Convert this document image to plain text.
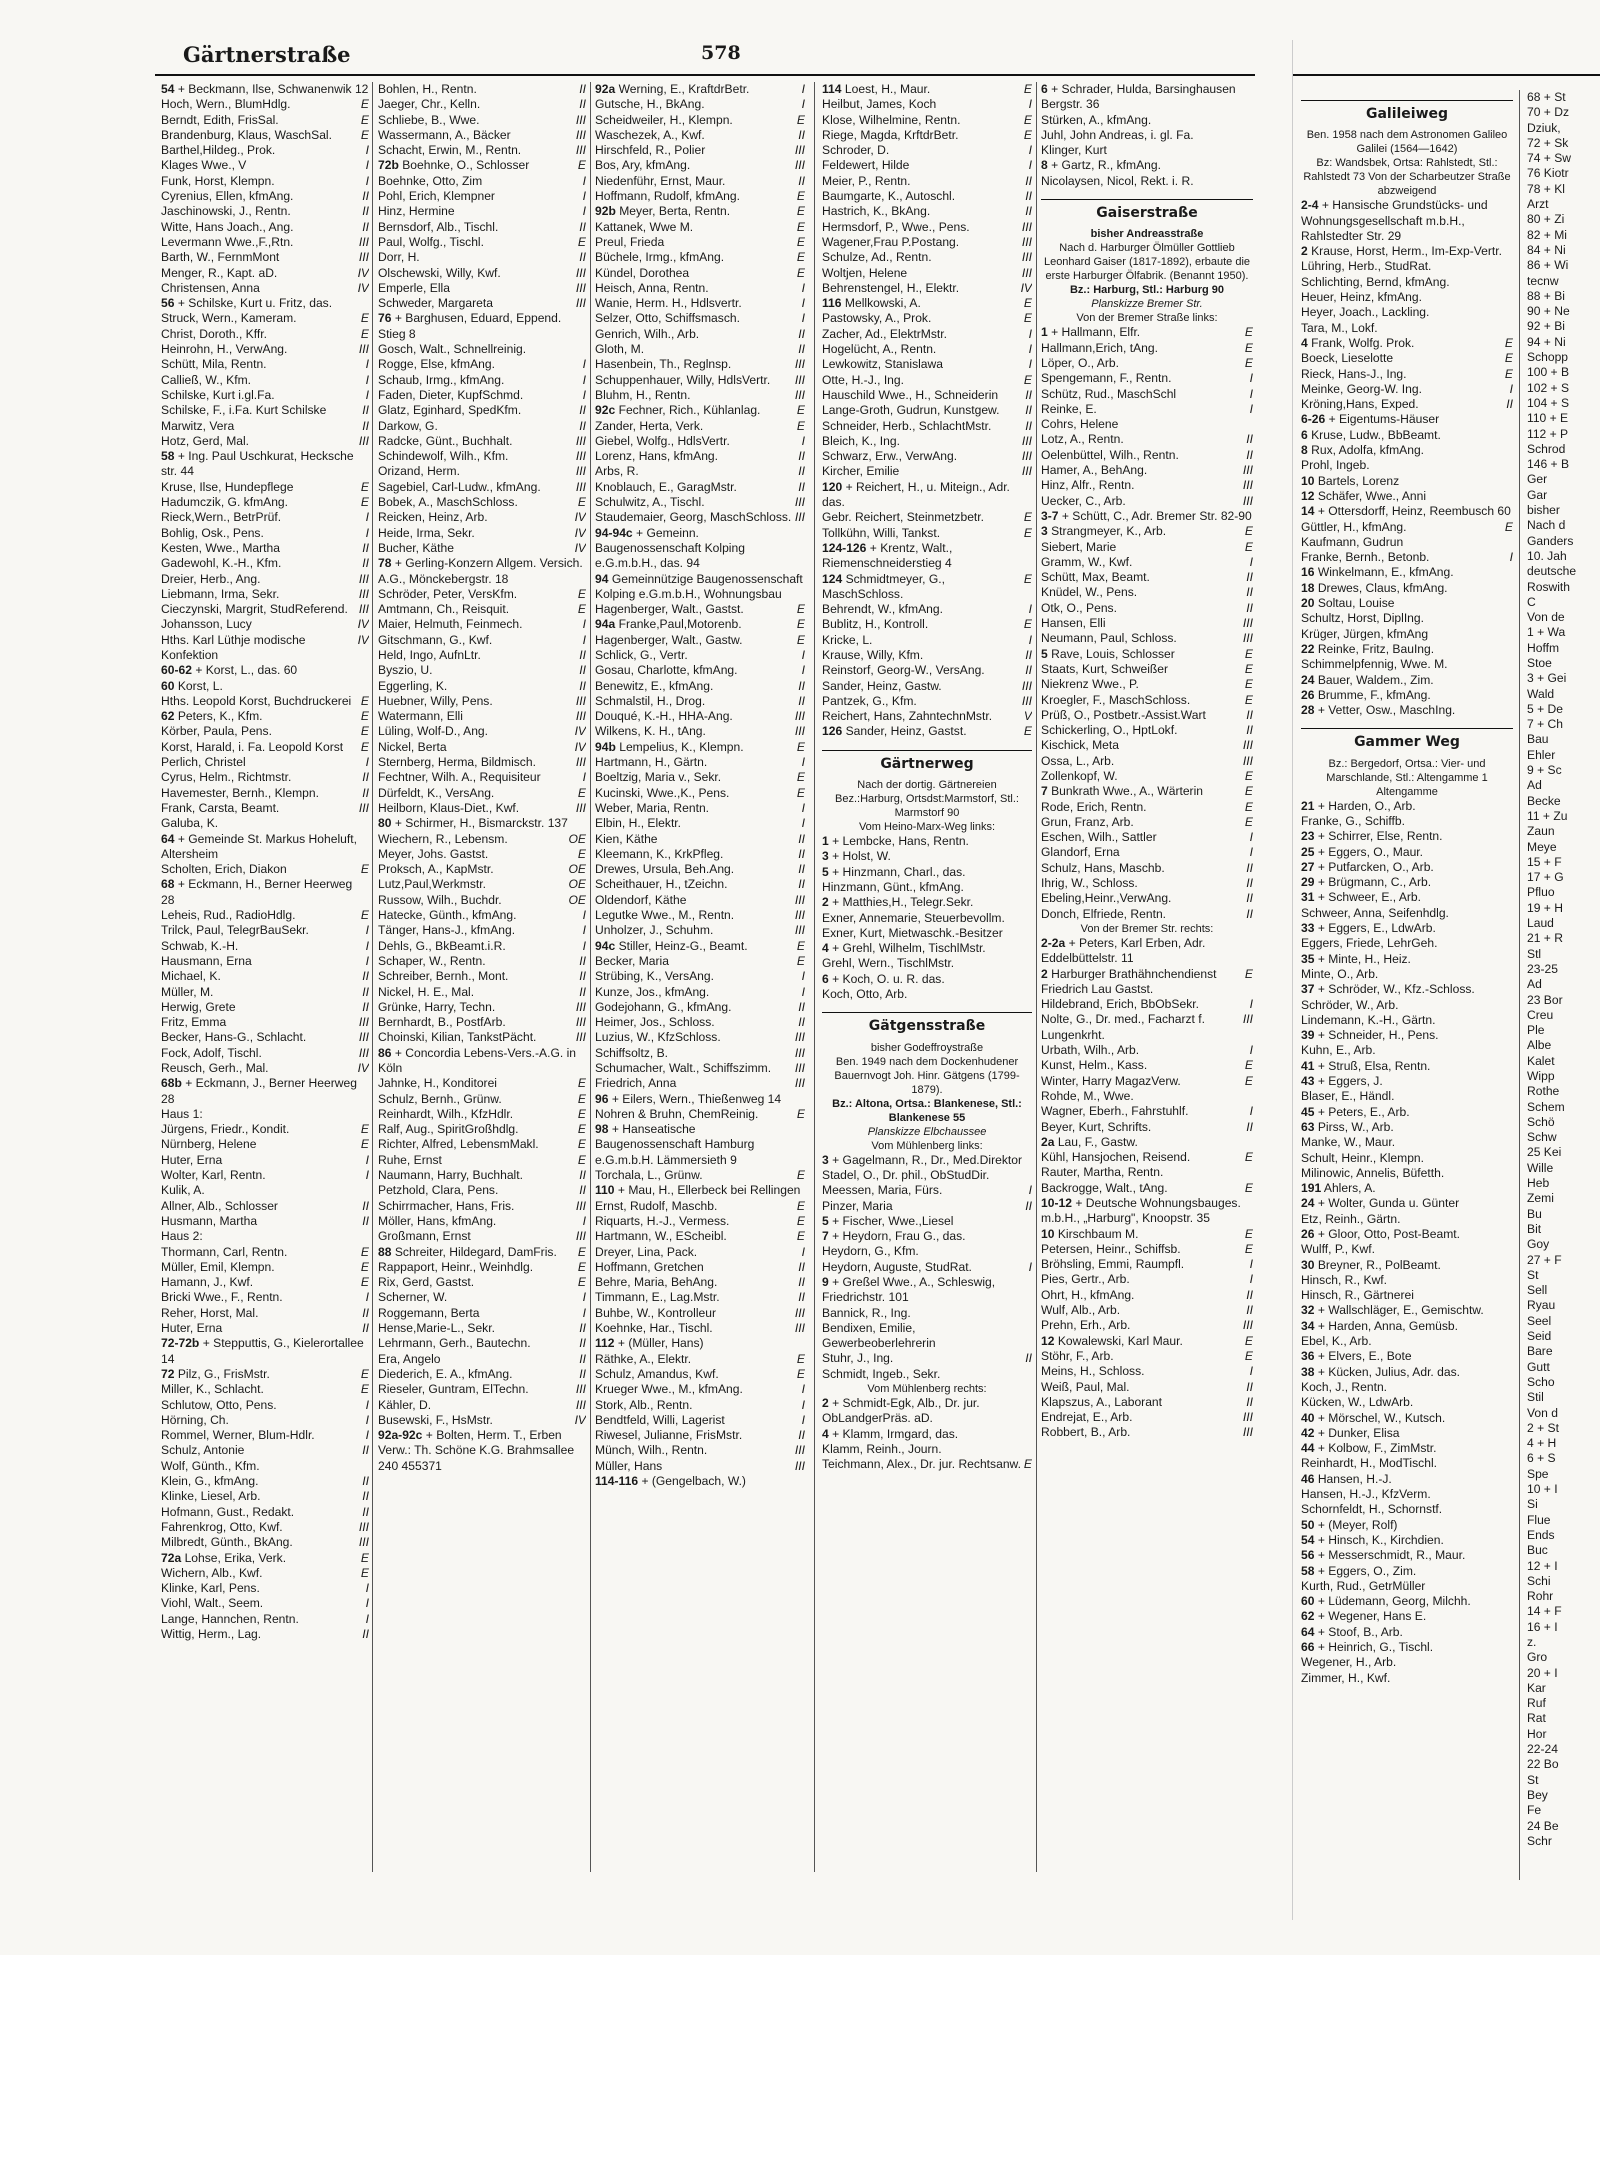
Gärtnerstraße	578
54 + Beckmann, Ilse, Schwanenwik 12
E
Hoch, Wern., BlumHdlg.
E
Berndt, Edith, FrisSal.
E
Brandenburg, Klaus, WaschSal.
I
Barthel,Hildeg., Prok.
I
Klages Wwe., V
I
Funk, Horst, Klempn.
II
Cyrenius, Ellen, kfmAng.
II
Jaschinowski, J., Rentn.
II
Witte, Hans Joach., Ang.
III
Levermann Wwe.,F.,Rtn.
III
Barth, W., FernmMont
IV
Menger, R., Kapt. aD.
IV
Christensen, Anna
56 + Schilske, Kurt u. Fritz, das.
E
Struck, Wern., Kameram.
E
Christ, Doroth., Kffr.
III
Heinrohn, H., VerwAng.
I
Schütt, Mila, Rentn.
I
Calließ, W., Kfm.
I
Schilske, Kurt i.gl.Fa.
II
Schilske, F., i.Fa. Kurt Schilske
II
Marwitz, Vera
III
Hotz, Gerd, Mal.
58 + Ing. Paul Uschkurat, Hecksche str. 44
E
Kruse, Ilse, Hundepflege
E
Hadumczik, G. kfmAng.
I
Rieck,Wern., BetrPrüf.
I
Bohlig, Osk., Pens.
II
Kesten, Wwe., Martha
II
Gadewohl, K.-H., Kfm.
III
Dreier, Herb., Ang.
III
Liebmann, Irma, Sekr.
III
Cieczynski, Margrit, StudReferend.
IV
Johansson, Lucy
IV
Hths. Karl Lüthje modische Konfektion
60-62 + Korst, L., das. 60
60 Korst, L.
E
Hths. Leopold Korst, Buchdruckerei
E
62 Peters, K., Kfm.
E
Körber, Paula, Pens.
E
Korst, Harald, i. Fa. Leopold Korst
I
Perlich, Christel
II
Cyrus, Helm., Richtmstr.
II
Havemester, Bernh., Klempn.
III
Frank, Carsta, Beamt.
Galuba, K.
64 + Gemeinde St. Markus Hoheluft, Altersheim
E
Scholten, Erich, Diakon
68 + Eckmann, H., Berner Heerweg 28
E
Leheis, Rud., RadioHdlg.
I
Trilck, Paul, TelegrBauSekr.
I
Schwab, K.-H.
I
Hausmann, Erna
II
Michael, K.
II
Müller, M.
II
Herwig, Grete
III
Fritz, Emma
III
Becker, Hans-G., Schlacht.
III
Fock, Adolf, Tischl.
IV
Reusch, Gerh., Mal.
68b + Eckmann, J., Berner Heerweg 28
Haus 1:
E
Jürgens, Friedr., Kondit.
E
Nürnberg, Helene
I
Huter, Erna
I
Wolter, Karl, Rentn.
Kulik, A.
II
Allner, Alb., Schlosser
II
Husmann, Martha
Haus 2:
E
Thormann, Carl, Rentn.
E
Müller, Emil, Klempn.
E
Hamann, J., Kwf.
I
Bricki Wwe., F., Rentn.
II
Reher, Horst, Mal.
II
Huter, Erna
72-72b + Stepputtis, G., Kielerortallee 14
E
72 Pilz, G., FrisMstr.
E
Miller, K., Schlacht.
I
Schlutow, Otto, Pens.
I
Hörning, Ch.
I
Rommel, Werner, Blum-Hdlr.
II
Schulz, Antonie
Wolf, Günth., Kfm.
II
Klein, G., kfmAng.
II
Klinke, Liesel, Arb.
II
Hofmann, Gust., Redakt.
III
Fahrenkrog, Otto, Kwf.
III
Milbredt, Günth., BkAng.
E
72a Lohse, Erika, Verk.
E
Wichern, Alb., Kwf.
I
Klinke, Karl, Pens.
I
Viohl, Walt., Seem.
I
Lange, Hannchen, Rentn.
II
Wittig, Herm., Lag.
II
Bohlen, H., Rentn.
II
Jaeger, Chr., Kelln.
III
Schliebe, B., Wwe.
III
Wassermann, A., Bäcker
III
Schacht, Erwin, M., Rentn.
E
72b Boehnke, O., Schlosser
I
Boehnke, Otto, Zim
I
Pohl, Erich, Klempner
I
Hinz, Hermine
II
Bernsdorf, Alb., Tischl.
E
Paul, Wolfg., Tischl.
II
Dorr, H.
III
Olschewski, Willy, Kwf.
III
Emperle, Ella
III
Schweder, Margareta
76 + Barghusen, Eduard, Eppend. Stieg 8
Gosch, Walt., Schnellreinig.
I
Rogge, Else, kfmAng.
I
Schaub, Irmg., kfmAng.
I
Faden, Dieter, KupfSchmd.
II
Glatz, Eginhard, SpedKfm.
II
Darkow, G.
III
Radcke, Günt., Buchhalt.
III
Schindewolf, Wilh., Kfm.
III
Orizand, Herm.
III
Sagebiel, Carl-Ludw., kfmAng.
E
Bobek, A., MaschSchloss.
IV
Reicken, Heinz, Arb.
IV
Heide, Irma, Sekr.
IV
Bucher, Käthe
78 + Gerling-Konzern Allgem. Versich. A.G., Mönckebergstr. 18
E
Schröder, Peter, VersKfm.
E
Amtmann, Ch., Reisquit.
I
Maier, Helmuth, Feinmech.
I
Gitschmann, G., Kwf.
II
Held, Ingo, AufnLtr.
II
Byszio, U.
II
Eggerling, K.
III
Huebner, Willy, Pens.
III
Watermann, Elli
IV
Lüling, Wolf-D., Ang.
IV
Nickel, Berta
III
Sternberg, Herma, Bildmisch.
I
Fechtner, Wilh. A., Requisiteur
E
Dürfeldt, K., VersAng.
III
Heilborn, Klaus-Diet., Kwf.
80 + Schirmer, H., Bismarckstr. 137
OE
Wiechern, R., Lebensm.
E
Meyer, Johs. Gastst.
OE
Proksch, A., KapMstr.
OE
Lutz,Paul,Werkmstr.
OE
Russow, Wilh., Buchdr.
I
Hatecke, Günth., kfmAng.
I
Tänger, Hans-J., kfmAng.
I
Dehls, G., BkBeamt.i.R.
II
Schaper, W., Rentn.
II
Schreiber, Bernh., Mont.
II
Nickel, H. E., Mal.
III
Grünke, Harry, Techn.
III
Bernhardt, B., PostfArb.
III
Choinski, Kilian, TankstPächt.
86 + Concordia Lebens-Vers.-A.G. in Köln
E
Jahnke, H., Konditorei
E
Schulz, Bernh., Grünw.
E
Reinhardt, Wilh., KfzHdlr.
E
Ralf, Aug., SpiritGroßhdlg.
E
Richter, Alfred, LebensmMakl.
E
Ruhe, Ernst
II
Naumann, Harry, Buchhalt.
II
Petzhold, Clara, Pens.
III
Schirrmacher, Hans, Fris.
I
Möller, Hans, kfmAng.
III
Großmann, Ernst
E
88 Schreiter, Hildegard, DamFris.
E
Rappaport, Heinr., Weinhdlg.
E
Rix, Gerd, Gastst.
I
Scherner, W.
I
Roggemann, Berta
II
Hense,Marie-L., Sekr.
II
Lehrmann, Gerh., Bautechn.
II
Era, Angelo
II
Diederich, E. A., kfmAng.
III
Rieseler, Guntram, ElTechn.
III
Kähler, D.
IV
Busewski, F., HsMstr.
92a-92c + Bolten, Herm. T., Erben
Verw.: Th. Schöne K.G. Brahmsallee 240 455371
I
92a Werning, E., KraftdrBetr.
I
Gutsche, H., BkAng.
E
Scheidweiler, H., Klempn.
II
Waschezek, A., Kwf.
III
Hirschfeld, R., Polier
III
Bos, Ary, kfmAng.
II
Niedenführ, Ernst, Maur.
E
Hoffmann, Rudolf, kfmAng.
E
92b Meyer, Berta, Rentn.
E
Kattanek, Wwe M.
E
Preul, Frieda
E
Büchele, Irmg., kfmAng.
E
Kündel, Dorothea
I
Heisch, Anna, Rentn.
I
Wanie, Herm. H., Hdlsvertr.
I
Selzer, Otto, Schiffsmasch.
II
Genrich, Wilh., Arb.
II
Gloth, M.
III
Hasenbein, Th., Reglnsp.
III
Schuppenhauer, Willy, HdlsVertr.
III
Bluhm, H., Rentn.
E
92c Fechner, Rich., Kühlanlag.
E
Zander, Herta, Verk.
I
Giebel, Wolfg., HdlsVertr.
II
Lorenz, Hans, kfmAng.
II
Arbs, R.
II
Knoblauch, E., GaragMstr.
III
Schulwitz, A., Tischl.
III
Staudemaier, Georg, MaschSchloss.
94-94c + Gemeinn. Baugenossenschaft Kolping e.G.m.b.H., das. 94
94 Gemeinnützige Baugenossenschaft Kolping e.G.m.b.H., Wohnungsbau
E
Hagenberger, Walt., Gastst.
E
94a Franke,Paul,Motorenb.
E
Hagenberger, Walt., Gastw.
I
Schlick, G., Vertr.
I
Gosau, Charlotte, kfmAng.
II
Benewitz, E., kfmAng.
II
Schmalstil, H., Drog.
III
Douqué, K.-H., HHA-Ang.
III
Wilkens, K. H., tAng.
E
94b Lempelius, K., Klempn.
I
Hartmann, H., Gärtn.
E
Boeltzig, Maria v., Sekr.
E
Kucinski, Wwe.,K., Pens.
I
Weber, Maria, Rentn.
I
Elbin, H., Elektr.
II
Kien, Käthe
II
Kleemann, K., KrkPfleg.
II
Drewes, Ursula, Beh.Ang.
II
Scheithauer, H., tZeichn.
III
Oldendorf, Käthe
III
Legutke Wwe., M., Rentn.
III
Unholzer, J., Schuhm.
E
94c Stiller, Heinz-G., Beamt.
E
Becker, Maria
I
Strübing, K., VersAng.
I
Kunze, Jos., kfmAng.
II
Godejohann, G., kfmAng.
II
Heimer, Jos., Schloss.
III
Luzius, W., KfzSchloss.
III
Schiffsoltz, B.
III
Schumacher, Walt., Schiffszimm.
III
Friedrich, Anna
96 + Eilers, Wern., Thießenweg 14
E
Nohren & Bruhn, ChemReinig.
98 + Hanseatische Baugenossenschaft Hamburg e.G.m.b.H. Lämmersieth 9
E
Torchala, L., Grünw.
110 + Mau, H., Ellerbeck bei Rellingen
E
Ernst, Rudolf, Maschb.
E
Riquarts, H.-J., Vermess.
E
Hartmann, W., EScheibl.
I
Dreyer, Lina, Pack.
II
Hoffmann, Gretchen
II
Behre, Maria, BehAng.
II
Timmann, E., Lag.Mstr.
III
Buhbe, W., Kontrolleur
III
Koehnke, Har., Tischl.
112 + (Müller, Hans)
E
Räthke, A., Elektr.
E
Schulz, Amandus, Kwf.
I
Krueger Wwe., M., kfmAng.
I
Stork, Alb., Rentn.
I
Bendtfeld, Willi, Lagerist
II
Riwesel, Julianne, FrisMstr.
III
Münch, Wilh., Rentn.
III
Müller, Hans
114-116 + (Gengelbach, W.)
E
114 Loest, H., Maur.
I
Heilbut, James, Koch
E
Klose, Wilhelmine, Rentn.
E
Riege, Magda, KrftdrBetr.
I
Schroder, D.
I
Feldewert, Hilde
II
Meier, P., Rentn.
II
Baumgarte, K., Autoschl.
II
Hastrich, K., BkAng.
III
Hermsdorf, P., Wwe., Pens.
III
Wagener,Frau P.Postang.
III
Schulze, Ad., Rentn.
III
Woltjen, Helene
IV
Behrenstengel, H., Elektr.
E
116 Mellkowski, A.
E
Pastowsky, A., Prok.
I
Zacher, Ad., ElektrMstr.
I
Hogelücht, A., Rentn.
I
Lewkowitz, Stanislawa
E
Otte, H.-J., Ing.
II
Hauschild Wwe., H., Schneiderin
II
Lange-Groth, Gudrun, Kunstgew.
II
Schneider, Herb., SchlachtMstr.
III
Bleich, K., Ing.
III
Schwarz, Erw., VerwAng.
III
Kircher, Emilie
120 + Reichert, H., u. Miteign., Adr. das.
E
Gebr. Reichert, Steinmetzbetr.
E
Tollkühn, Willi, Tankst.
124-126 + Krentz, Walt., Riemenschneiderstieg 4
E
124 Schmidtmeyer, G., MaschSchloss.
I
Behrendt, W., kfmAng.
E
Bublitz, H., Kontroll.
I
Kricke, L.
II
Krause, Willy, Kfm.
II
Reinstorf, Georg-W., VersAng.
III
Sander, Heinz, Gastw.
III
Pantzek, G., Kfm.
V
Reichert, Hans, ZahntechnMstr.
E
126 Sander, Heinz, Gastst.
Gärtnerweg
Nach der dortig. Gärtnereien
Bez.:Harburg, Ortsdst:Marmstorf, Stl.: Marmstorf 90
Vom Heino-Marx-Weg links:
1 + Lembcke, Hans, Rentn.
3 + Holst, W.
5 + Hinzmann, Charl., das.
Hinzmann, Günt., kfmAng.
2 + Matthies,H., Telegr.Sekr.
Exner, Annemarie, Steuerbevollm.
Exner, Kurt, Mietwaschk.-Besitzer
4 + Grehl, Wilhelm, TischlMstr.
Grehl, Wern., TischlMstr.
6 + Koch, O. u. R. das.
Koch, Otto, Arb.
Gätgensstraße
bisher Godeffroystraße
Ben. 1949 nach dem Dockenhudener Bauernvogt Joh. Hinr. Gätgens (1799-1879).
Bz.: Altona, Ortsa.: Blankenese, Stl.: Blankenese 55
Planskizze Elbchaussee
Vom Mühlenberg links:
3 + Gagelmann, R., Dr., Med.Direktor
Stadel, O., Dr. phil., ObStudDir.
I
Meessen, Maria, Fürs.
II
Pinzer, Maria
5 + Fischer, Wwe.,Liesel
7 + Heydorn, Frau G., das.
Heydorn, G., Kfm.
I
Heydorn, Auguste, StudRat.
9 + Greßel Wwe., A., Schleswig, Friedrichstr. 101
Bannick, R., Ing.
Bendixen, Emilie, Gewerbeoberlehrerin
II
Stuhr, J., Ing.
Schmidt, Ingeb., Sekr.
Vom Mühlenberg rechts:
2 + Schmidt-Egk, Alb., Dr. jur.
ObLandgerPräs. aD.
4 + Klamm, Irmgard, das.
Klamm, Reinh., Journ.
E
Teichmann, Alex., Dr. jur. Rechtsanw.
6 + Schrader, Hulda, Barsinghausen Bergstr. 36
Stürken, A., kfmAng.
Juhl, John Andreas, i. gl. Fa.
Klinger, Kurt
8 + Gartz, R., kfmAng.
Nicolaysen, Nicol, Rekt. i. R.
Gaiserstraße
bisher Andreasstraße
Nach d. Harburger Ölmüller Gottlieb Leonhard Gaiser (1817-1892), erbaute die erste Harburger Ölfabrik. (Benannt 1950).
Bz.: Harburg, Stl.: Harburg 90
Planskizze Bremer Str.
Von der Bremer Straße links:
E
1 + Hallmann, Elfr.
E
Hallmann,Erich, tAng.
E
Löper, O., Arb.
I
Spengemann, F., Rentn.
I
Schütz, Rud., MaschSchl
I
Reinke, E.
Cohrs, Helene
II
Lotz, A., Rentn.
II
Oelenbüttel, Wilh., Rentn.
III
Hamer, A., BehAng.
III
Hinz, Alfr., Rentn.
III
Uecker, C., Arb.
3-7 + Schütt, C., Adr. Bremer Str. 82-90
E
3 Strangmeyer, K., Arb.
E
Siebert, Marie
I
Gramm, W., Kwf.
II
Schütt, Max, Beamt.
II
Knüdel, W., Pens.
II
Otk, O., Pens.
III
Hansen, Elli
III
Neumann, Paul, Schloss.
E
5 Rave, Louis, Schlosser
E
Staats, Kurt, Schweißer
E
Niekrenz Wwe., P.
E
Kroegler, F., MaschSchloss.
II
Prüß, O., Postbetr.-Assist.Wart
II
Schickerling, O., HptLokf.
III
Kischick, Meta
III
Ossa, L., Arb.
E
Zollenkopf, W.
E
7 Bunkrath Wwe., A., Wärterin
E
Rode, Erich, Rentn.
E
Grun, Franz, Arb.
I
Eschen, Wilh., Sattler
I
Glandorf, Erna
II
Schulz, Hans, Maschb.
II
Ihrig, W., Schloss.
II
Ebeling,Heinr.,VerwAng.
II
Donch, Elfriede, Rentn.
Von der Bremer Str. rechts:
2-2a + Peters, Karl Erben, Adr. Eddelbüttelstr. 11
E
2 Harburger Brathähnchendienst Friedrich Lau Gastst.
I
Hildebrand, Erich, BbObSekr.
III
Nolte, G., Dr. med., Facharzt f. Lungenkrht.
I
Urbath, Wilh., Arb.
E
Kunst, Helm., Kass.
E
Winter, Harry MagazVerw.
Rohde, M., Wwe.
I
Wagner, Eberh., Fahrstuhlf.
II
Beyer, Kurt, Schrifts.
2a Lau, F., Gastw.
E
Kühl, Hansjochen, Reisend.
Rauter, Martha, Rentn.
E
Backrogge, Walt., tAng.
10-12 + Deutsche Wohnungsbauges. m.b.H., „Harburg", Knoopstr. 35
E
10 Kirschbaum M.
E
Petersen, Heinr., Schiffsb.
I
Bröhsling, Emmi, Raumpfl.
I
Pies, Gertr., Arb.
II
Ohrt, H., kfmAng.
II
Wulf, Alb., Arb.
III
Prehn, Erh., Arb.
E
12 Kowalewski, Karl Maur.
E
Stöhr, F., Arb.
I
Meins, H., Schloss.
II
Weiß, Paul, Mal.
II
Klapszus, A., Laborant
III
Endrejat, E., Arb.
III
Robbert, B., Arb.
Galileiweg
Ben. 1958 nach dem Astronomen Galileo Galilei (1564—1642)
Bz: Wandsbek, Ortsa: Rahlstedt, Stl.: Rahlstedt 73 Von der Scharbeutzer Straße abzweigend
2-4 + Hansische Grundstücks- und Wohnungsgesellschaft m.b.H., Rahlstedter Str. 29
2 Krause, Horst, Herm., Im-Exp-Vertr.
Lühring, Herb., StudRat.
Schlichting, Bernd, kfmAng.
Heuer, Heinz, kfmAng.
Heyer, Joach., Lackling.
Tara, M., Lokf.
E
4 Frank, Wolfg. Prok.
E
Boeck, Lieselotte
E
Rieck, Hans-J., Ing.
I
Meinke, Georg-W. Ing.
II
Kröning,Hans, Exped.
6-26 + Eigentums-Häuser
6 Kruse, Ludw., BbBeamt.
8 Rux, Adolfa, kfmAng.
Prohl, Ingeb.
10 Bartels, Lorenz
12 Schäfer, Wwe., Anni
14 + Ottersdorff, Heinz, Reembusch 60
E
Güttler, H., kfmAng.
Kaufmann, Gudrun
I
Franke, Bernh., Betonb.
16 Winkelmann, E., kfmAng.
18 Drewes, Claus, kfmAng.
20 Soltau, Louise
Schultz, Horst, DiplIng.
Krüger, Jürgen, kfmAng
22 Reinke, Fritz, BauIng.
Schimmelpfennig, Wwe. M.
24 Bauer, Waldem., Zim.
26 Brumme, F., kfmAng.
28 + Vetter, Osw., MaschIng.
Gammer Weg
Bz.: Bergedorf, Ortsa.: Vier- und Marschlande, Stl.: Altengamme 1 Altengamme
21 + Harden, O., Arb.
Franke, G., Schiffb.
23 + Schirrer, Else, Rentn.
25 + Eggers, O., Maur.
27 + Putfarcken, O., Arb.
29 + Brügmann, C., Arb.
31 + Schweer, E., Arb.
Schweer, Anna, Seifenhdlg.
33 + Eggers, E., LdwArb.
Eggers, Friede, LehrGeh.
35 + Minte, H., Heiz.
Minte, O., Arb.
37 + Schröder, W., Kfz.-Schloss.
Schröder, W., Arb.
Lindemann, K.-H., Gärtn.
39 + Schneider, H., Pens.
Kuhn, E., Arb.
41 + Struß, Elsa, Rentn.
43 + Eggers, J.
Blaser, E., Händl.
45 + Peters, E., Arb.
63 Pirss, W., Arb.
Manke, W., Maur.
Schult, Heinr., Klempn.
Milinowic, Annelis, Büfetth.
191 Ahlers, A.
24 + Wolter, Gunda u. Günter
Etz, Reinh., Gärtn.
26 + Gloor, Otto, Post-Beamt.
Wulff, P., Kwf.
30 Breyner, R., PolBeamt.
Hinsch, R., Kwf.
Hinsch, R., Gärtnerei
32 + Wallschläger, E., Gemischtw.
34 + Harden, Anna, Gemüsb.
Ebel, K., Arb.
36 + Elvers, E., Bote
38 + Kücken, Julius, Adr. das.
Koch, J., Rentn.
Kücken, W., LdwArb.
40 + Mörschel, W., Kutsch.
42 + Dunker, Elisa
44 + Kolbow, F., ZimMstr.
Reinhardt, H., ModTischl.
46 Hansen, H.-J.
Hansen, H.-J., KfzVerm.
Schornfeldt, H., Schornstf.
50 + (Meyer, Rolf)
54 + Hinsch, K., Kirchdien.
56 + Messerschmidt, R., Maur.
58 + Eggers, O., Zim.
Kurth, Rud., GetrMüller
60 + Lüdemann, Georg, Milchh.
62 + Wegener, Hans E.
64 + Stoof, B., Arb.
66 + Heinrich, G., Tischl.
Wegener, H., Arb.
Zimmer, H., Kwf.
68 + St
70 + Dz
Dziuk,
72 + Sk
74 + Sw
76 Kiotr
78 + Kl
Arzt
80 + Zi
82 + Mi
84 + Ni
86 + Wi
tecnw
88 + Bi
90 + Ne
92 + Bi
94 + Ni
Schopp
100 + B
102 + S
104 + S
110 + E
112 + P
Schrod
146 + B
Ger
Gar
bisher
Nach d
Ganders
10. Jah
deutsche
Roswith
C
Von de
1 + Wa
Hoffm
Stoe
3 + Gei
Wald
5 + De
7 + Ch
Bau
Ehler
9 + Sc
Ad
Becke
11 + Zu
Zaun
Meye
15 + F
17 + G
Pfluo
19 + H
Laud
21 + R
Stl
23-25
Ad
23 Bor
Creu
Ple
Albe
Kalet
Wipp
Rothe
Schem
Schö
Schw
25 Kei
Wille
Heb
Zemi
Bu
Bit
Goy
27 + F
St
Sell
Ryau
Seel
Seid
Bare
Gutt
Scho
Stil
Von d
2 + St
4 + H
6 + S
Spe
10 + I
Si
Flue
Ends
Buc
12 + I
Schi
Rohr
14 + F
16 + I
z.
Gro
20 + I
Kar
Ruf
Rat
Hor
22-24
22 Bo
St
Bey
Fe
24 Be
Schr
